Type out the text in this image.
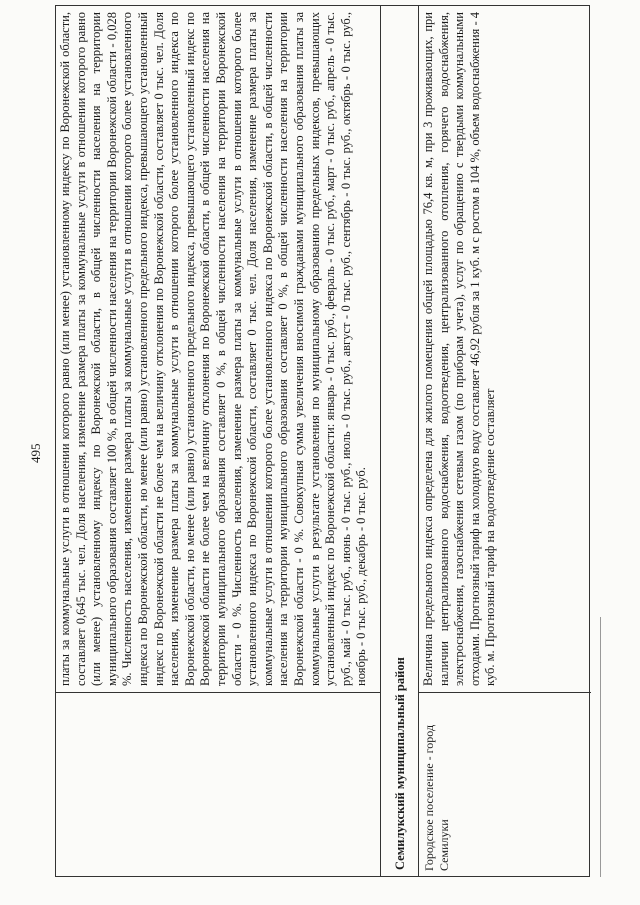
495 платы за коммунальные услуги в отношении которого равно (или менее) установленному индексу по Воронежской области, составляет 0,645 тыс. чел. Доля населения, изменение размера платы за коммунальные услуги в отношении которого равно (или менее) установленному индексу по Воронежской области, в общей численности населения на территории муниципального образования составляет 100 %, в общей численности населения на территории Воронежской области - 0,028 %. Численность населения, изменение размера платы за коммунальные услуги в отношении которого более установленного индекса по Воронежской области, но менее (или равно) установленного предельного индекса, превышающего установленный индекс по Воронежской области не более чем на величину отклонения по Воронежской области, составляет 0 тыс. чел. Доля населения, изменение размера платы за коммунальные услуги в отношении которого более установленного индекса по Воронежской области, но менее (или равно) установленного предельного индекса, превышающего установленный индекс по Воронежской области не более чем на величину отклонения по Воронежской области, в общей численности населения на территории муниципального образования составляет 0 %, в общей численности населения на территории Воронежской области - 0 %. Численность населения, изменение размера платы за коммунальные услуги в отношении которого более установленного индекса по Воронежской области, составляет 0 тыс. чел. Доля населения, изменение размера платы за коммунальные услуги в отношении которого более установленного индекса по Воронежской области, в общей численности населения на территории муниципального образования составляет 0 %, в общей численности населения на территории Воронежской области - 0 %. Совокупная сумма увеличения вносимой гражданами муниципального образования платы за коммунальные услуги в результате установления по муниципальному образованию предельных индексов, превышающих установленный индекс по Воронежской области: январь - 0 тыс. руб., февраль - 0 тыс. руб., март - 0 тыс. руб., апрель - 0 тыс. руб., май - 0 тыс. руб., июнь - 0 тыс. руб., июль - 0 тыс. руб., август - 0 тыс. руб., сентябрь - 0 тыс. руб., октябрь - 0 тыс. руб., ноябрь - 0 тыс. руб., декабрь - 0 тыс. руб.
Семилукский муниципальный район	Городское поселение - город Семилуки
Величина предельного индекса определена для жилого помещения общей площадью 76,4 кв. м, при 3 проживающих, при наличии централизованного водоснабжения, водоотведения, централизованного отопления, горячего водоснабжения, электроснабжения, газоснабжения сетевым газом (по приборам учета), услуг по обращению с твердыми коммунальными отходами. Прогнозный тариф на холодную воду составляет 46,92 рубля за 1 куб. м с ростом в 104 %, объем водоснабжения - 4 куб. м. Прогнозный тариф на водоотведение составляет
